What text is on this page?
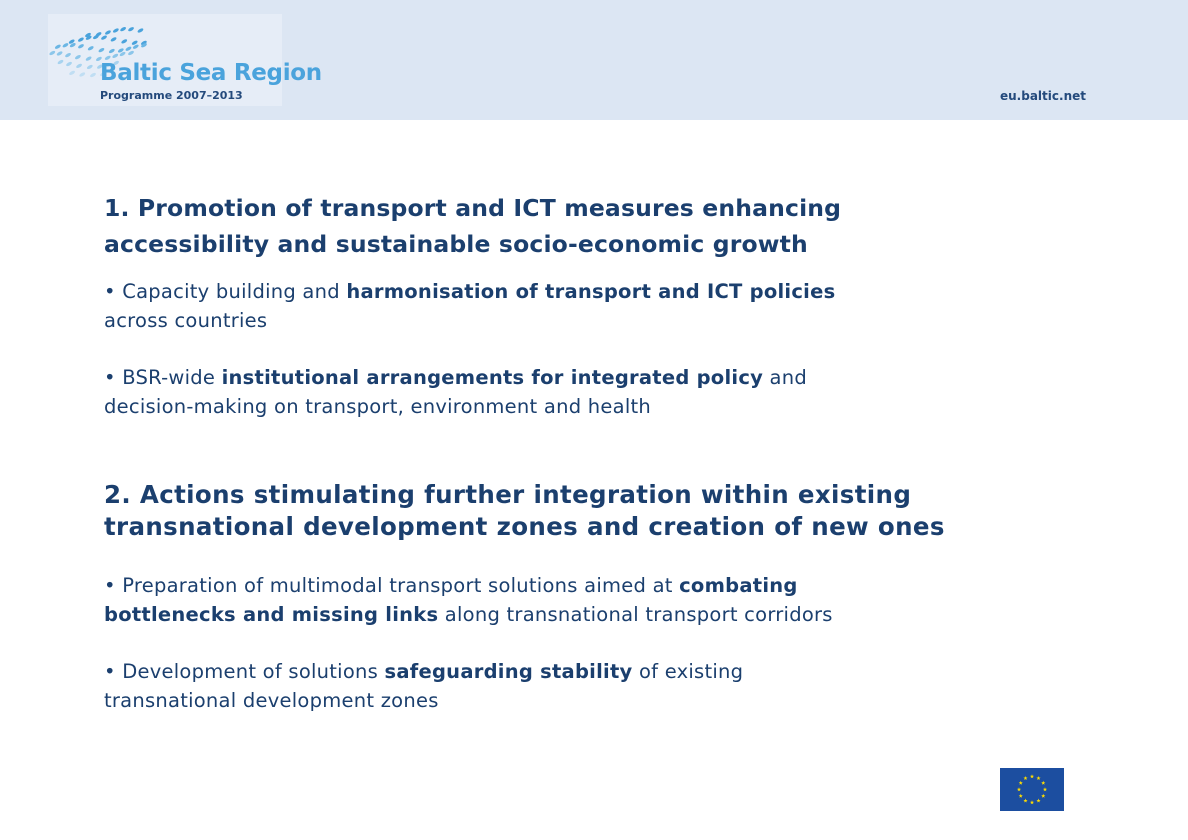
Baltic Sea Region
Programme 2007–2013	eu.baltic.net

1. Promotion of transport and ICT measures enhancing
accessibility and sustainable socio-economic growth

• Capacity building and harmonisation of transport and ICT policies
across countries

• BSR-wide institutional arrangements for integrated policy and
decision-making on transport, environment and health

2. Actions stimulating further integration within existing
transnational development zones and creation of new ones

• Preparation of multimodal transport solutions aimed at combating
bottlenecks and missing links along transnational transport corridors

• Development of solutions safeguarding stability of existing
transnational development zones
